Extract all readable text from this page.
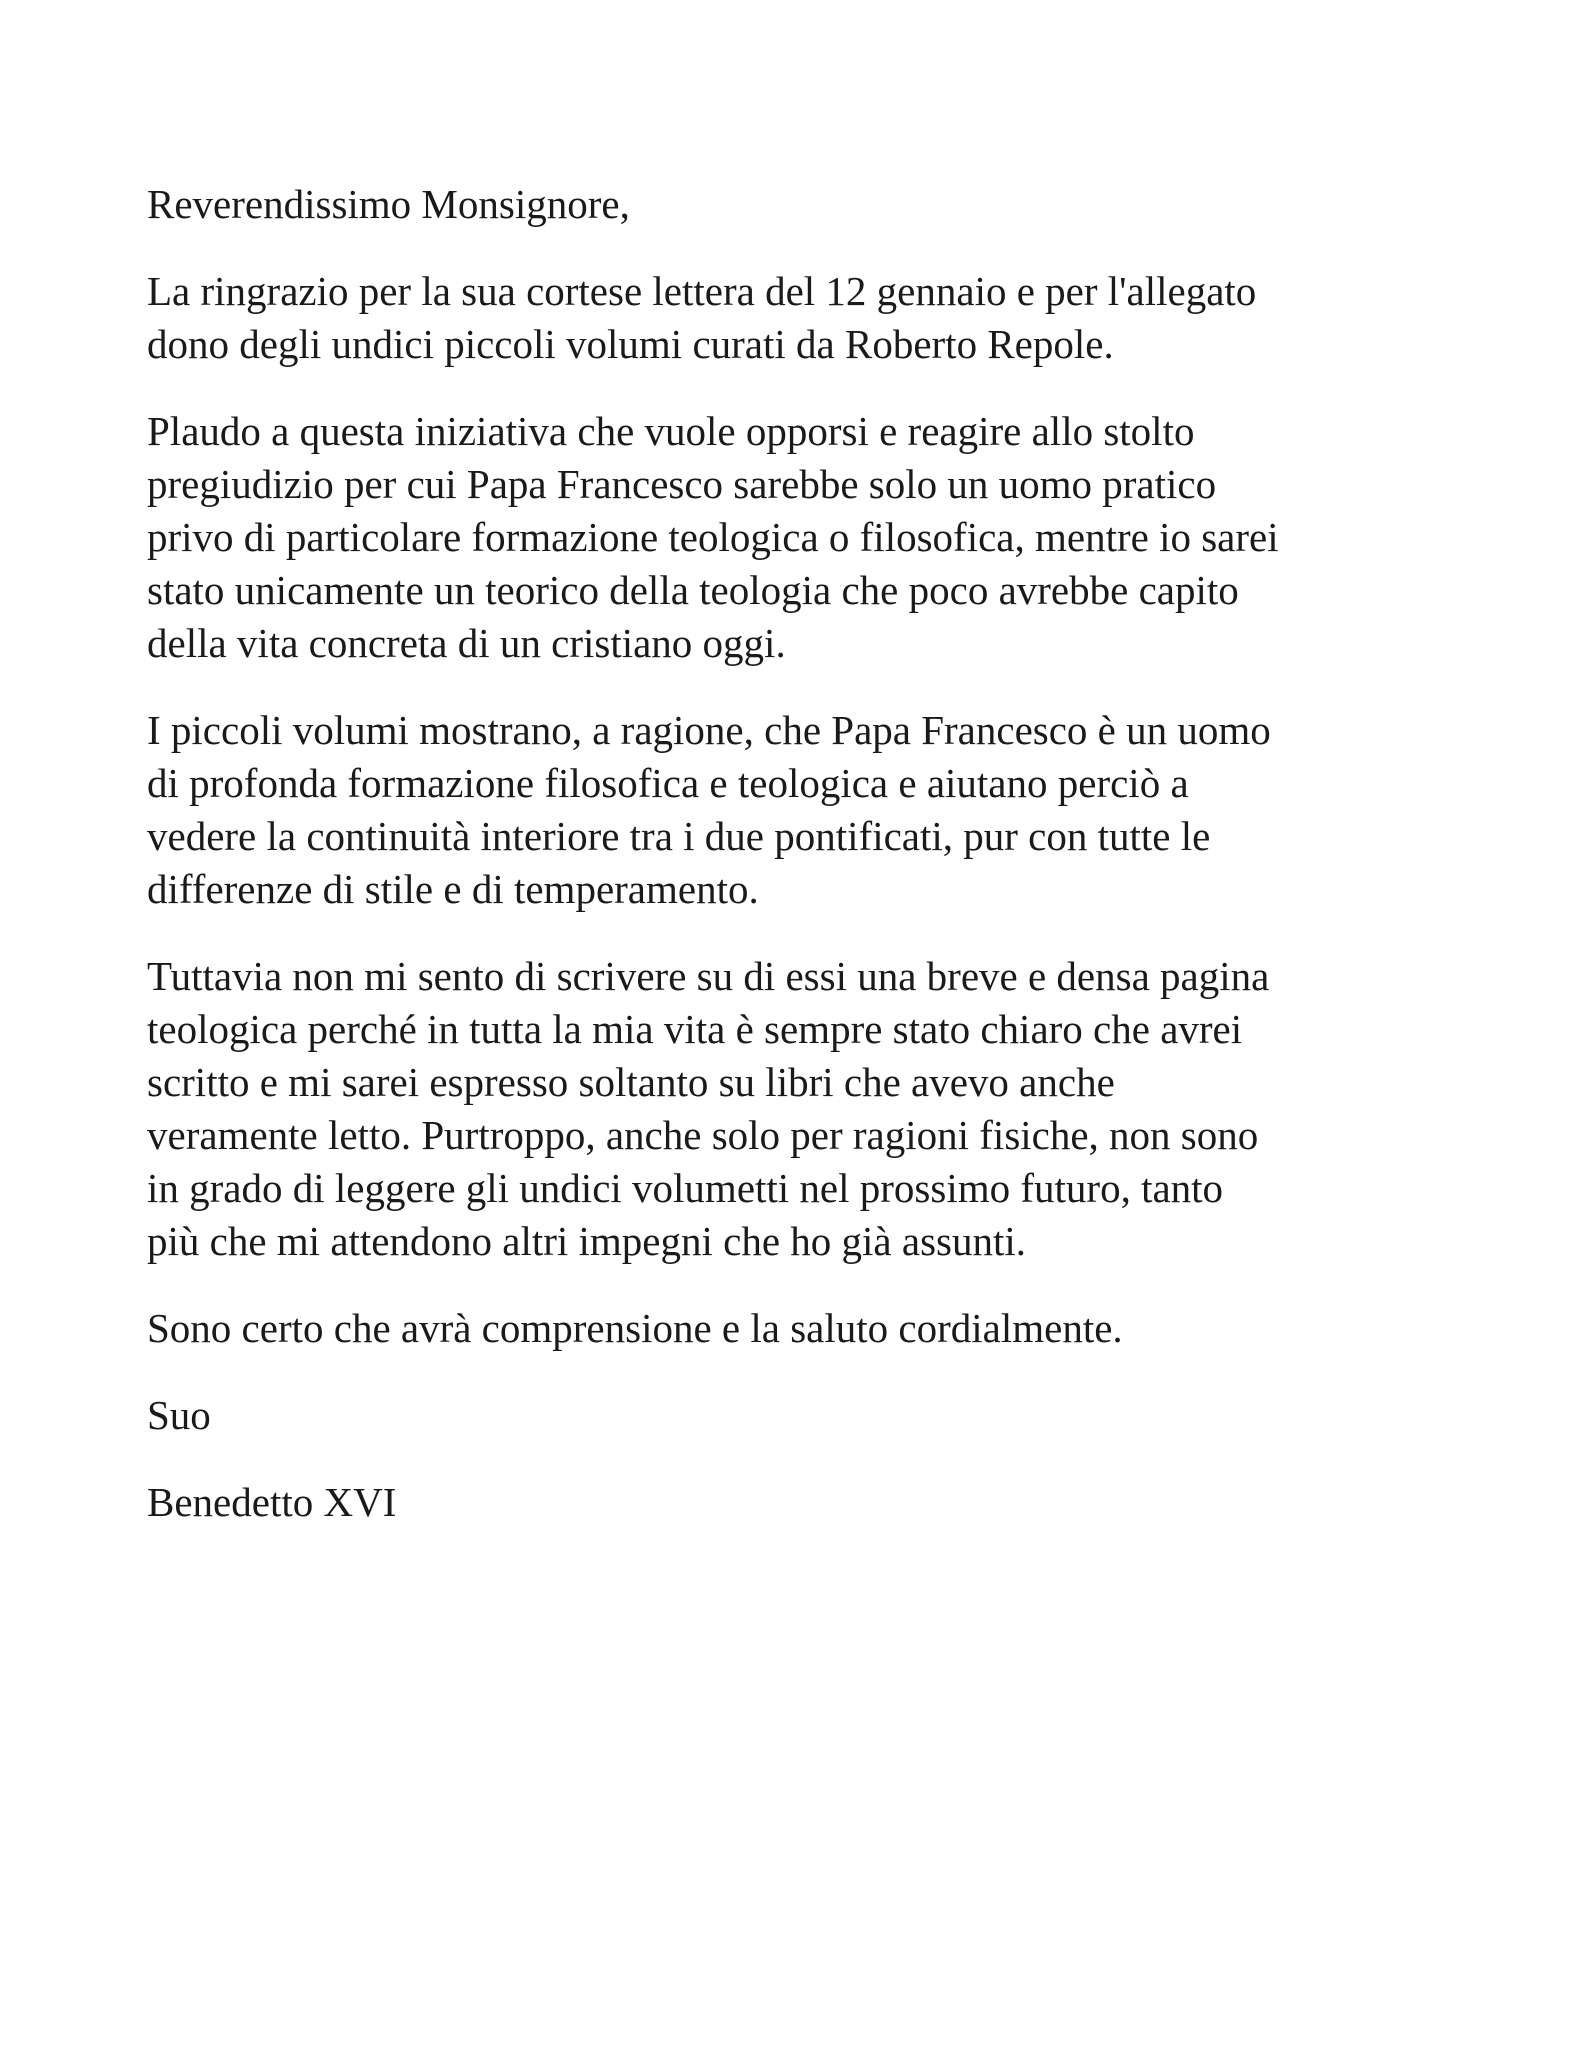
Reverendissimo Monsignore,
La ringrazio per la sua cortese lettera del 12 gennaio e per l'allegato
dono degli undici piccoli volumi curati da Roberto Repole.
Plaudo a questa iniziativa che vuole opporsi e reagire allo stolto
pregiudizio per cui Papa Francesco sarebbe solo un uomo pratico
privo di particolare formazione teologica o filosofica, mentre io sarei
stato unicamente un teorico della teologia che poco avrebbe capito
della vita concreta di un cristiano oggi.
I piccoli volumi mostrano, a ragione, che Papa Francesco è un uomo
di profonda formazione filosofica e teologica e aiutano perciò a
vedere la continuità interiore tra i due pontificati, pur con tutte le
differenze di stile e di temperamento.
Tuttavia non mi sento di scrivere su di essi una breve e densa pagina
teologica perché in tutta la mia vita è sempre stato chiaro che avrei
scritto e mi sarei espresso soltanto su libri che avevo anche
veramente letto. Purtroppo, anche solo per ragioni fisiche, non sono
in grado di leggere gli undici volumetti nel prossimo futuro, tanto
più che mi attendono altri impegni che ho già assunti.
Sono certo che avrà comprensione e la saluto cordialmente.
Suo
Benedetto XVI
